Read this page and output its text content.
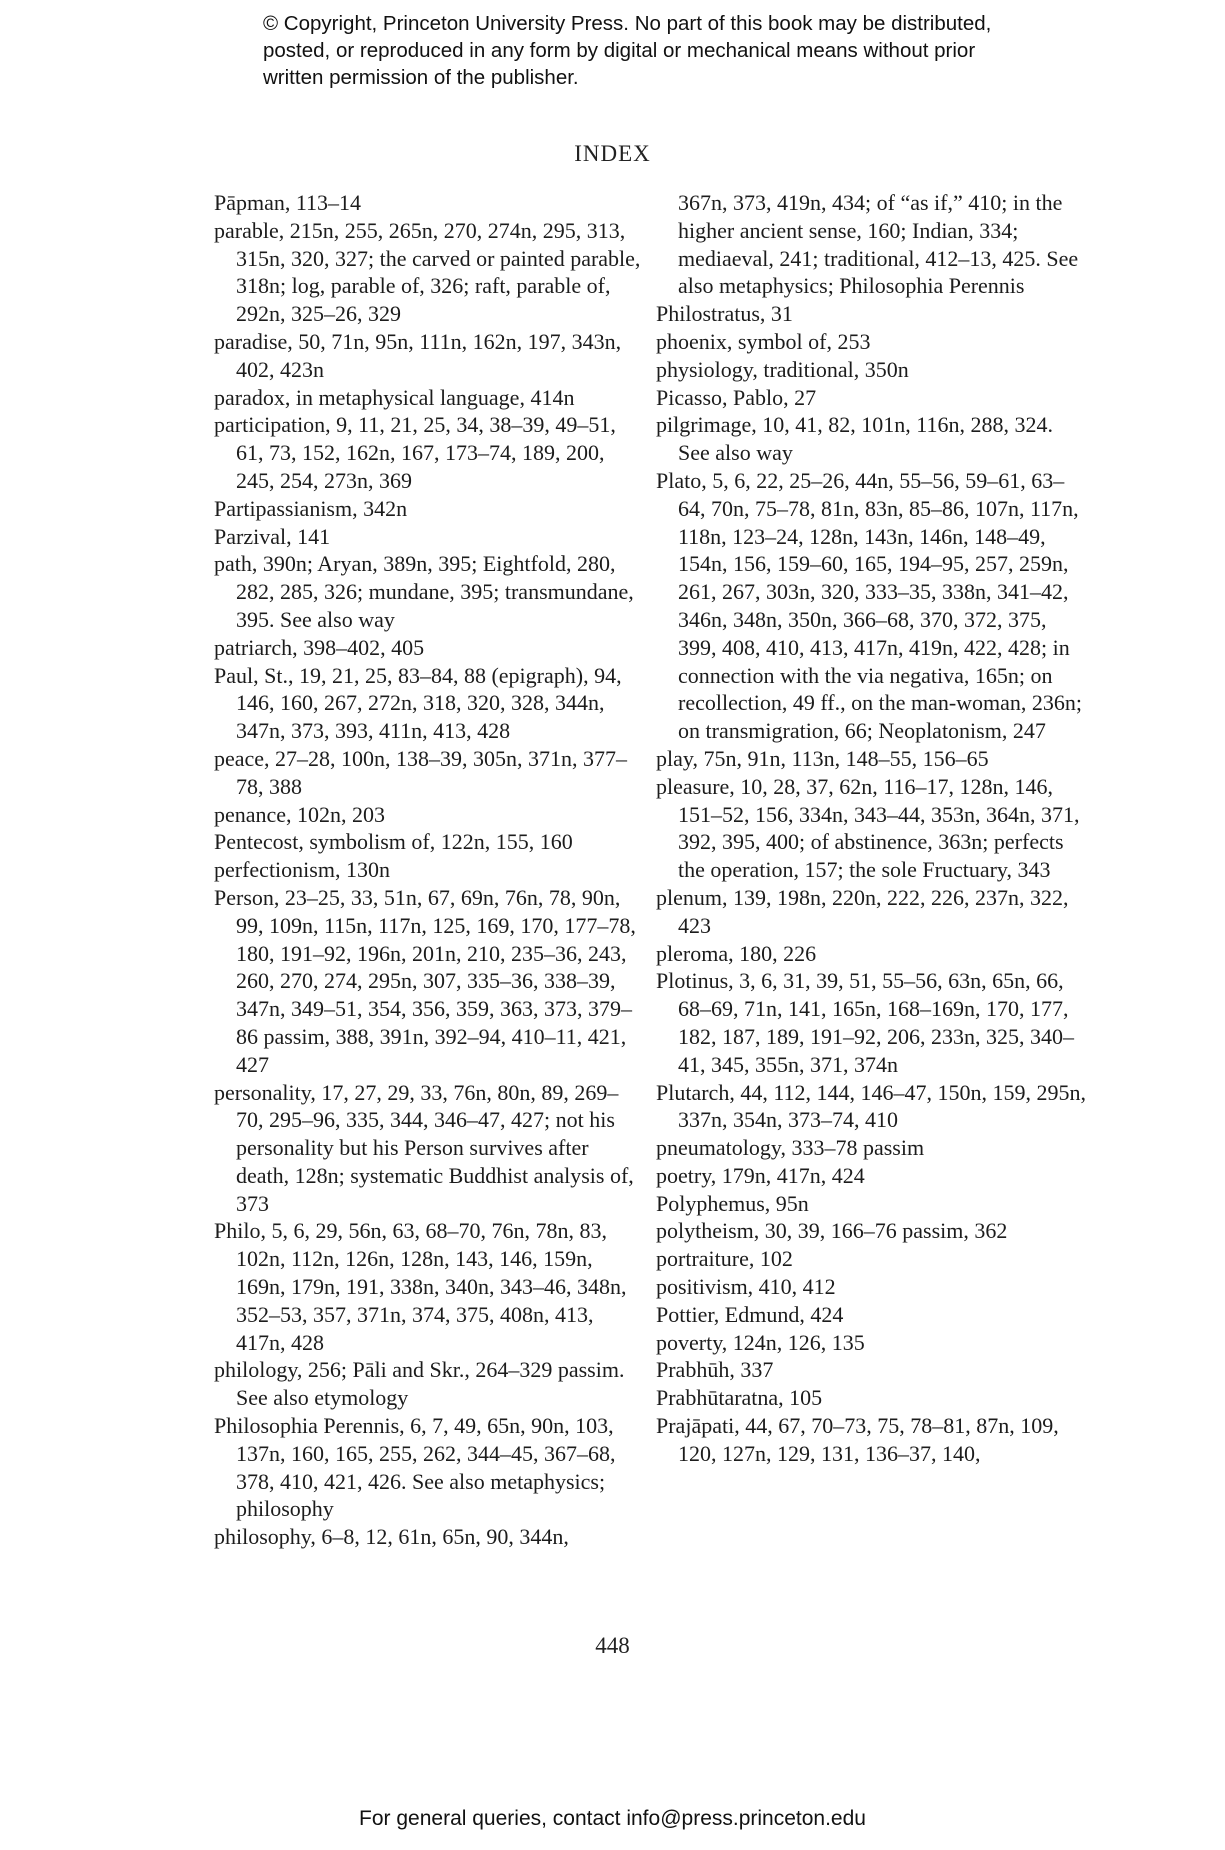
© Copyright, Princeton University Press. No part of this book may be distributed, posted, or reproduced in any form by digital or mechanical means without prior written permission of the publisher.
INDEX

Pāpman, 113–14

parable, 215n, 255, 265n, 270, 274n, 295, 313, 315n, 320, 327; the carved or painted parable, 318n; log, parable of, 326; raft, parable of, 292n, 325–26, 329

paradise, 50, 71n, 95n, 111n, 162n, 197, 343n, 402, 423n

paradox, in metaphysical language, 414n

participation, 9, 11, 21, 25, 34, 38–39, 49–51, 61, 73, 152, 162n, 167, 173–74, 189, 200, 245, 254, 273n, 369

Partipassianism, 342n

Parzival, 141

path, 390n; Aryan, 389n, 395; Eightfold, 280, 282, 285, 326; mundane, 395; transmundane, 395. See also way

patriarch, 398–402, 405

Paul, St., 19, 21, 25, 83–84, 88 (epigraph), 94, 146, 160, 267, 272n, 318, 320, 328, 344n, 347n, 373, 393, 411n, 413, 428

peace, 27–28, 100n, 138–39, 305n, 371n, 377–78, 388

penance, 102n, 203

Pentecost, symbolism of, 122n, 155, 160

perfectionism, 130n

Person, 23–25, 33, 51n, 67, 69n, 76n, 78, 90n, 99, 109n, 115n, 117n, 125, 169, 170, 177–78, 180, 191–92, 196n, 201n, 210, 235–36, 243, 260, 270, 274, 295n, 307, 335–36, 338–39, 347n, 349–51, 354, 356, 359, 363, 373, 379–86 passim, 388, 391n, 392–94, 410–11, 421, 427

personality, 17, 27, 29, 33, 76n, 80n, 89, 269–70, 295–96, 335, 344, 346–47, 427; not his personality but his Person survives after death, 128n; systematic Buddhist analysis of, 373

Philo, 5, 6, 29, 56n, 63, 68–70, 76n, 78n, 83, 102n, 112n, 126n, 128n, 143, 146, 159n, 169n, 179n, 191, 338n, 340n, 343–46, 348n, 352–53, 357, 371n, 374, 375, 408n, 413, 417n, 428

philology, 256; Pāli and Skr., 264–329 passim. See also etymology

Philosophia Perennis, 6, 7, 49, 65n, 90n, 103, 137n, 160, 165, 255, 262, 344–45, 367–68, 378, 410, 421, 426. See also metaphysics; philosophy

philosophy, 6–8, 12, 61n, 65n, 90, 344n,

367n, 373, 419n, 434; of “as if,” 410; in the higher ancient sense, 160; Indian, 334; mediaeval, 241; traditional, 412–13, 425. See also metaphysics; Philosophia Perennis

Philostratus, 31

phoenix, symbol of, 253

physiology, traditional, 350n

Picasso, Pablo, 27

pilgrimage, 10, 41, 82, 101n, 116n, 288, 324. See also way

Plato, 5, 6, 22, 25–26, 44n, 55–56, 59–61, 63–64, 70n, 75–78, 81n, 83n, 85–86, 107n, 117n, 118n, 123–24, 128n, 143n, 146n, 148–49, 154n, 156, 159–60, 165, 194–95, 257, 259n, 261, 267, 303n, 320, 333–35, 338n, 341–42, 346n, 348n, 350n, 366–68, 370, 372, 375, 399, 408, 410, 413, 417n, 419n, 422, 428; in connection with the via negativa, 165n; on recollection, 49 ff., on the man-woman, 236n; on transmigration, 66; Neoplatonism, 247

play, 75n, 91n, 113n, 148–55, 156–65

pleasure, 10, 28, 37, 62n, 116–17, 128n, 146, 151–52, 156, 334n, 343–44, 353n, 364n, 371, 392, 395, 400; of abstinence, 363n; perfects the operation, 157; the sole Fructuary, 343

plenum, 139, 198n, 220n, 222, 226, 237n, 322, 423

pleroma, 180, 226

Plotinus, 3, 6, 31, 39, 51, 55–56, 63n, 65n, 66, 68–69, 71n, 141, 165n, 168–169n, 170, 177, 182, 187, 189, 191–92, 206, 233n, 325, 340–41, 345, 355n, 371, 374n

Plutarch, 44, 112, 144, 146–47, 150n, 159, 295n, 337n, 354n, 373–74, 410

pneumatology, 333–78 passim

poetry, 179n, 417n, 424

Polyphemus, 95n

polytheism, 30, 39, 166–76 passim, 362

portraiture, 102

positivism, 410, 412

Pottier, Edmund, 424

poverty, 124n, 126, 135

Prabhūh, 337

Prabhūtaratna, 105

Prajāpati, 44, 67, 70–73, 75, 78–81, 87n, 109, 120, 127n, 129, 131, 136–37, 140,

448
For general queries, contact info@press.princeton.edu
